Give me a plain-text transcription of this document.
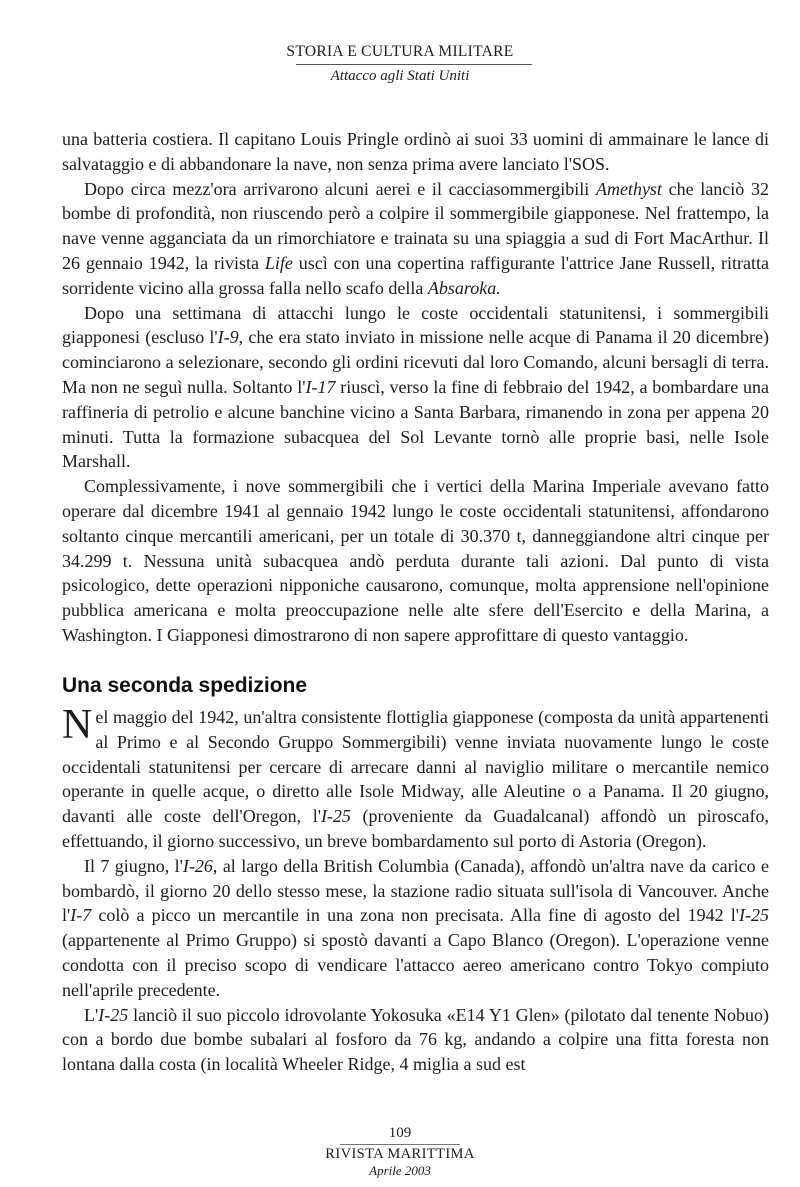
STORIA E CULTURA MILITARE
Attacco agli Stati Uniti

una batteria costiera. Il capitano Louis Pringle ordinò ai suoi 33 uomini di ammainare le lance di salvataggio e di abbandonare la nave, non senza prima avere lanciato l'SOS.

Dopo circa mezz'ora arrivarono alcuni aerei e il cacciasommergibili Amethyst che lanciò 32 bombe di profondità, non riuscendo però a colpire il sommergibile giapponese. Nel frattempo, la nave venne agganciata da un rimorchiatore e trainata su una spiaggia a sud di Fort MacArthur. Il 26 gennaio 1942, la rivista Life uscì con una copertina raffigurante l'attrice Jane Russell, ritratta sorridente vicino alla grossa falla nello scafo della Absaroka.

Dopo una settimana di attacchi lungo le coste occidentali statunitensi, i sommergibili giapponesi (escluso l'I-9, che era stato inviato in missione nelle acque di Panama il 20 dicembre) cominciarono a selezionare, secondo gli ordini ricevuti dal loro Comando, alcuni bersagli di terra. Ma non ne seguì nulla. Soltanto l'I-17 riuscì, verso la fine di febbraio del 1942, a bombardare una raffineria di petrolio e alcune banchine vicino a Santa Barbara, rimanendo in zona per appena 20 minuti. Tutta la formazione subacquea del Sol Levante tornò alle proprie basi, nelle Isole Marshall.

Complessivamente, i nove sommergibili che i vertici della Marina Imperiale avevano fatto operare dal dicembre 1941 al gennaio 1942 lungo le coste occidentali statunitensi, affondarono soltanto cinque mercantili americani, per un totale di 30.370 t, danneggiandone altri cinque per 34.299 t. Nessuna unità subacquea andò perduta durante tali azioni. Dal punto di vista psicologico, dette operazioni nipponiche causarono, comunque, molta apprensione nell'opinione pubblica americana e molta preoccupazione nelle alte sfere dell'Esercito e della Marina, a Washington. I Giapponesi dimostrarono di non sapere approfittare di questo vantaggio.

Una seconda spedizione

Nel maggio del 1942, un'altra consistente flottiglia giapponese (composta da unità appartenenti al Primo e al Secondo Gruppo Sommergibili) venne inviata nuovamente lungo le coste occidentali statunitensi per cercare di arrecare danni al naviglio militare o mercantile nemico operante in quelle acque, o diretto alle Isole Midway, alle Aleutine o a Panama. Il 20 giugno, davanti alle coste dell'Oregon, l'I-25 (proveniente da Guadalcanal) affondò un piroscafo, effettuando, il giorno successivo, un breve bombardamento sul porto di Astoria (Oregon).

Il 7 giugno, l'I-26, al largo della British Columbia (Canada), affondò un'altra nave da carico e bombardò, il giorno 20 dello stesso mese, la stazione radio situata sull'isola di Vancouver. Anche l'I-7 colò a picco un mercantile in una zona non precisata. Alla fine di agosto del 1942 l'I-25 (appartenente al Primo Gruppo) si spostò davanti a Capo Blanco (Oregon). L'operazione venne condotta con il preciso scopo di vendicare l'attacco aereo americano contro Tokyo compiuto nell'aprile precedente.

L'I-25 lanciò il suo piccolo idrovolante Yokosuka «E14 Y1 Glen» (pilotato dal tenente Nobuo) con a bordo due bombe subalari al fosforo da 76 kg, andando a colpire una fitta foresta non lontana dalla costa (in località Wheeler Ridge, 4 miglia a sud est

109
RIVISTA MARITTIMA
Aprile 2003
